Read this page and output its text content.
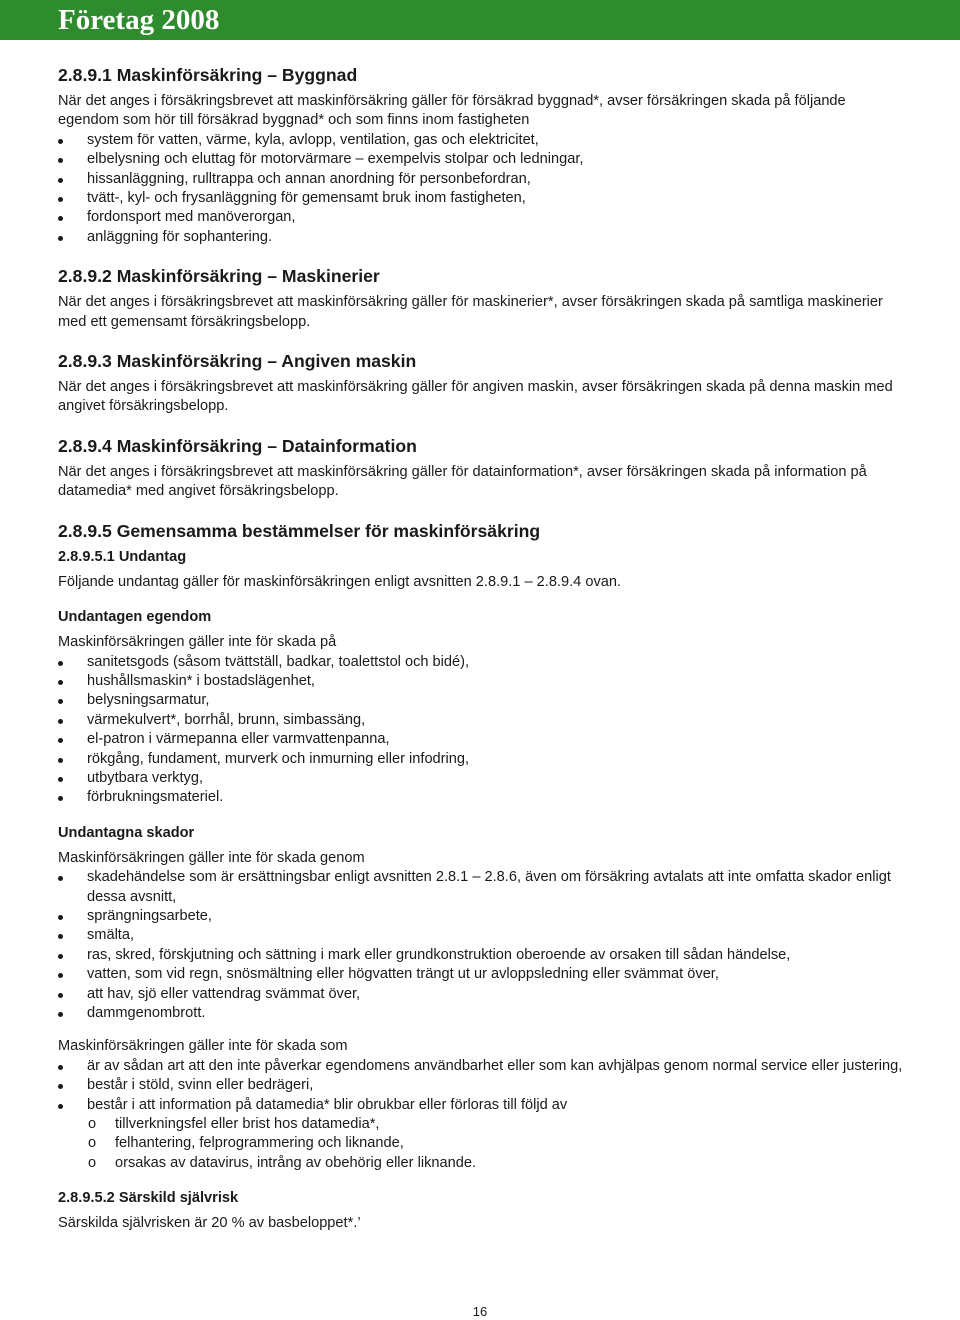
Företag 2008
2.8.9.1 Maskinförsäkring – Byggnad

När det anges i försäkringsbrevet att maskinförsäkring gäller för försäkrad byggnad*, avser försäkringen skada på följande egendom som hör till försäkrad byggnad* och som finns inom fastigheten

system för vatten, värme, kyla, avlopp, ventilation, gas och elektricitet,
elbelysning och eluttag för motorvärmare – exempelvis stolpar och ledningar,
hissanläggning, rulltrappa och annan anordning för personbefordran,
tvätt-, kyl- och frysanläggning för gemensamt bruk inom fastigheten,
fordonsport med manöverorgan,
anläggning för sophantering.
2.8.9.2 Maskinförsäkring – Maskinerier

När det anges i försäkringsbrevet att maskinförsäkring gäller för maskinerier*, avser försäkringen skada på samtliga maskinerier med ett gemensamt försäkringsbelopp.

2.8.9.3 Maskinförsäkring – Angiven maskin

När det anges i försäkringsbrevet att maskinförsäkring gäller för angiven maskin, avser försäkringen skada på denna maskin med angivet försäkringsbelopp.

2.8.9.4 Maskinförsäkring – Datainformation

När det anges i försäkringsbrevet att maskinförsäkring gäller för datainformation*, avser försäkringen skada på information på datamedia* med angivet försäkringsbelopp.

2.8.9.5 Gemensamma bestämmelser för maskinförsäkring
2.8.9.5.1 Undantag

Följande undantag gäller för maskinförsäkringen enligt avsnitten 2.8.9.1 – 2.8.9.4 ovan.

Undantagen egendom

Maskinförsäkringen gäller inte för skada på

sanitetsgods (såsom tvättställ, badkar, toalettstol och bidé),
hushållsmaskin* i bostadslägenhet,
belysningsarmatur,
värmekulvert*, borrhål, brunn, simbassäng,
el-patron i värmepanna eller varmvattenpanna,
rökgång, fundament, murverk och inmurning eller infodring,
utbytbara verktyg,
förbrukningsmateriel.
Undantagna skador

Maskinförsäkringen gäller inte för skada genom

skadehändelse som är ersättningsbar enligt avsnitten 2.8.1 – 2.8.6, även om försäkring avtalats att inte omfatta skador enligt dessa avsnitt,
sprängningsarbete,
smälta,
ras, skred, förskjutning och sättning i mark eller grundkonstruktion oberoende av orsaken till sådan händelse,
vatten, som vid regn, snösmältning eller högvatten trängt ut ur avloppsledning eller svämmat över,
att hav, sjö eller vattendrag svämmat över,
dammgenombrott.

Maskinförsäkringen gäller inte för skada som

är av sådan art att den inte påverkar egendomens användbarhet eller som kan avhjälpas genom normal service eller justering,
består i stöld, svinn eller bedrägeri,
består i att information på datamedia* blir obrukbar eller förloras till följd av
o tillverkningsfel eller brist hos datamedia*,
o felhantering, felprogrammering och liknande,
o orsakas av datavirus, intrång av obehörig eller liknande.
2.8.9.5.2 Särskild självrisk

Särskilda självrisken är 20 % av basbeloppet*.’

16
